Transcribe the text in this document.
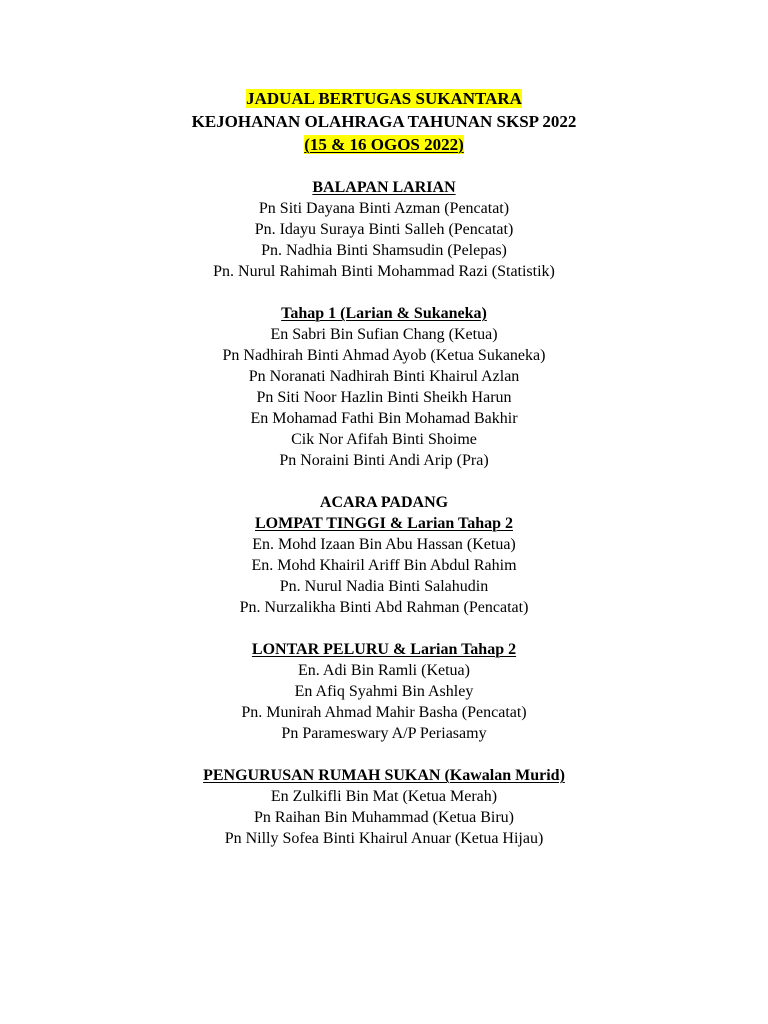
JADUAL BERTUGAS SUKANTARA
KEJOHANAN OLAHRAGA TAHUNAN SKSP 2022
(15 & 16 OGOS 2022)
BALAPAN LARIAN
Pn Siti Dayana Binti Azman (Pencatat)
Pn. Idayu Suraya Binti Salleh (Pencatat)
Pn. Nadhia Binti Shamsudin (Pelepas)
Pn. Nurul Rahimah Binti Mohammad Razi (Statistik)
Tahap 1 (Larian & Sukaneka)
En Sabri Bin Sufian Chang (Ketua)
Pn Nadhirah Binti Ahmad Ayob (Ketua Sukaneka)
Pn Noranati Nadhirah Binti Khairul Azlan
Pn Siti Noor Hazlin Binti Sheikh Harun
En Mohamad Fathi Bin Mohamad Bakhir
Cik Nor Afifah Binti Shoime
Pn Noraini Binti Andi Arip (Pra)
ACARA PADANG
LOMPAT TINGGI & Larian Tahap 2
En. Mohd Izaan Bin Abu Hassan (Ketua)
En. Mohd Khairil Ariff Bin Abdul Rahim
Pn. Nurul Nadia Binti Salahudin
Pn. Nurzalikha Binti Abd Rahman (Pencatat)
LONTAR PELURU & Larian Tahap 2
En. Adi Bin Ramli (Ketua)
En Afiq Syahmi Bin Ashley
Pn. Munirah Ahmad Mahir Basha (Pencatat)
Pn Parameswary A/P Periasamy
PENGURUSAN RUMAH SUKAN (Kawalan Murid)
En Zulkifli Bin Mat (Ketua Merah)
Pn Raihan Bin Muhammad (Ketua Biru)
Pn Nilly Sofea Binti Khairul Anuar (Ketua Hijau)
